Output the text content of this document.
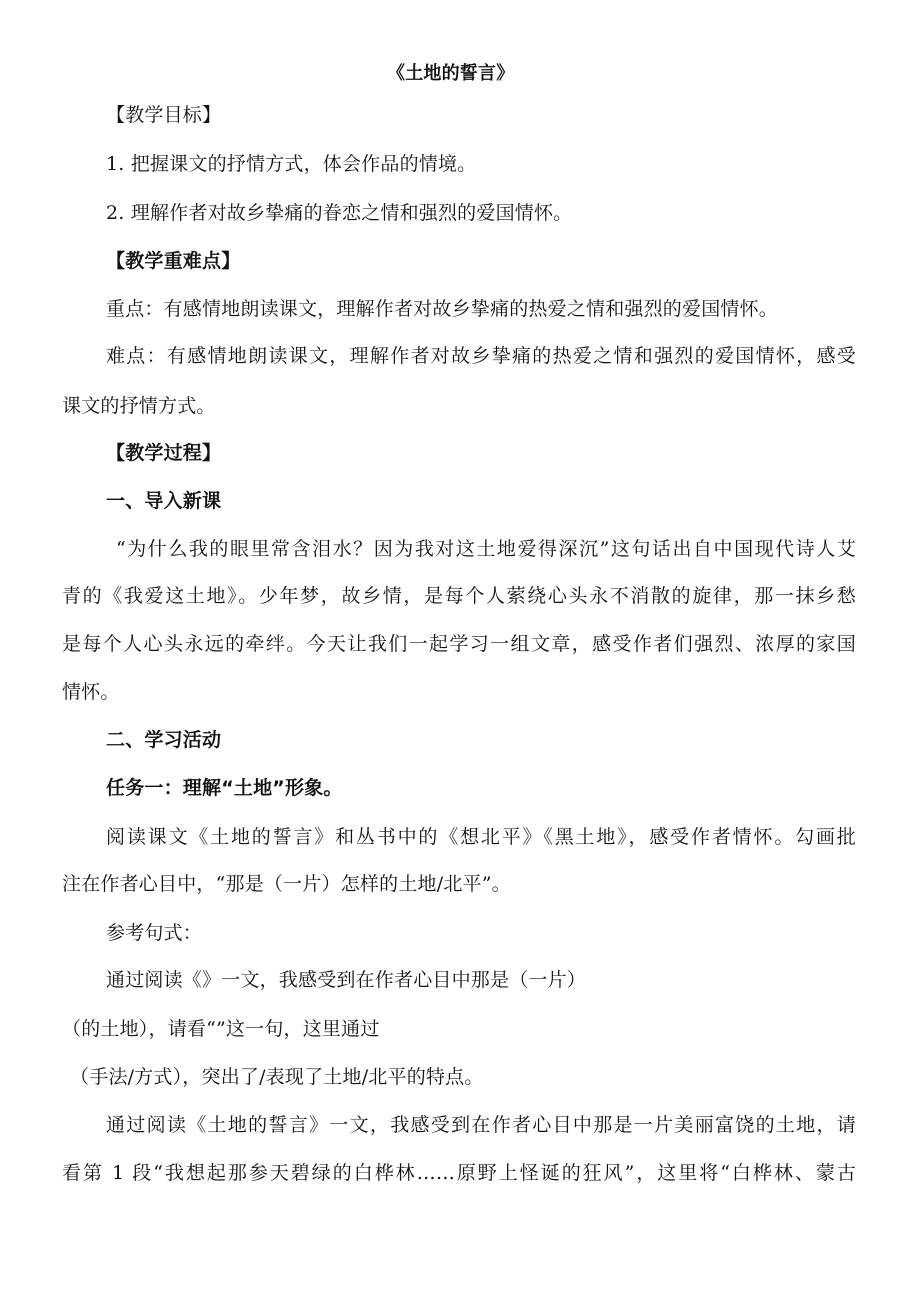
《土地的誓言》
【教学目标】
1. 把握课文的抒情方式，体会作品的情境。
2. 理解作者对故乡挚痛的眷恋之情和强烈的爱国情怀。
【教学重难点】
重点：有感情地朗读课文，理解作者对故乡挚痛的热爱之情和强烈的爱国情怀。
难点：有感情地朗读课文，理解作者对故乡挚痛的热爱之情和强烈的爱国情怀，感受
课文的抒情方式。
【教学过程】
一、导入新课
“为什么我的眼里常含泪水？因为我对这土地爱得深沉”这句话出自中国现代诗人艾
青的《我爱这土地》。少年梦，故乡情，是每个人萦绕心头永不消散的旋律，那一抹乡愁
是每个人心头永远的牵绊。今天让我们一起学习一组文章，感受作者们强烈、浓厚的家国
情怀。
二、学习活动
任务一：理解“土地”形象。
阅读课文《土地的誓言》和丛书中的《想北平》《黑土地》，感受作者情怀。勾画批
注在作者心目中，“那是（一片）怎样的土地/北平”。
参考句式：
通过阅读《》一文，我感受到在作者心目中那是（一片）
（的土地），请看“”这一句，这里通过
（手法/方式），突出了/表现了土地/北平的特点。
通过阅读《土地的誓言》一文，我感受到在作者心目中那是一片美丽富饶的土地，请
看第 1 段“我想起那参天碧绿的白桦林……原野上怪诞的狂风”，这里将“白桦林、蒙古
